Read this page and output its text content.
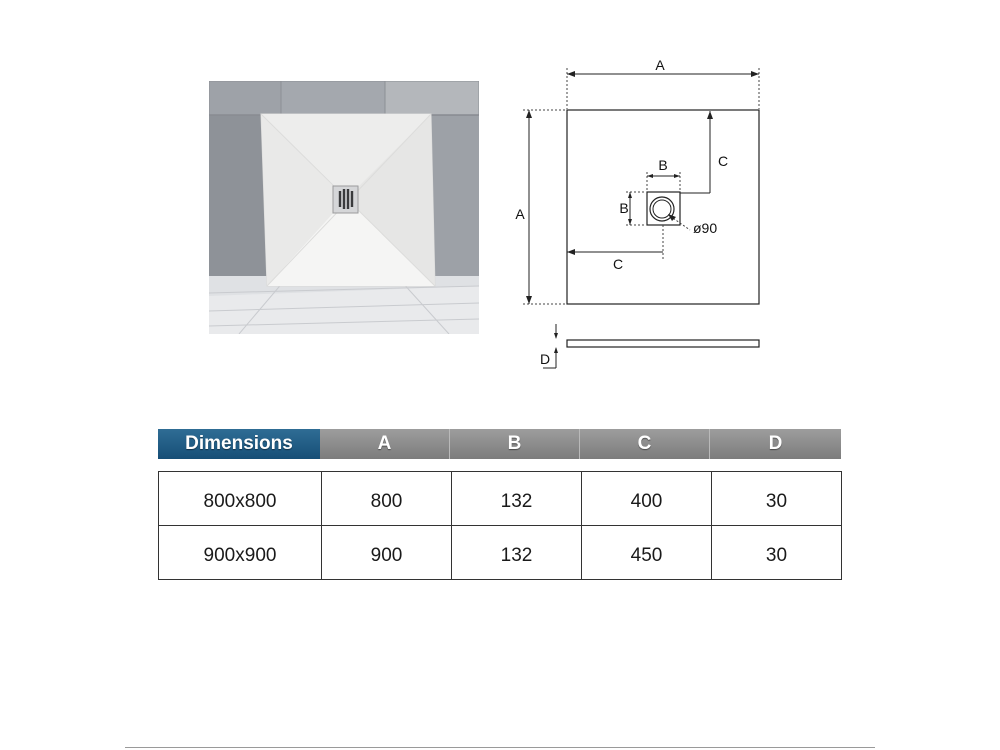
A
A
C
B
B
ø90
C
D
Dimensions	A	B	C	D
800x800	800	132	400	30
900x900	900	132	450	30
